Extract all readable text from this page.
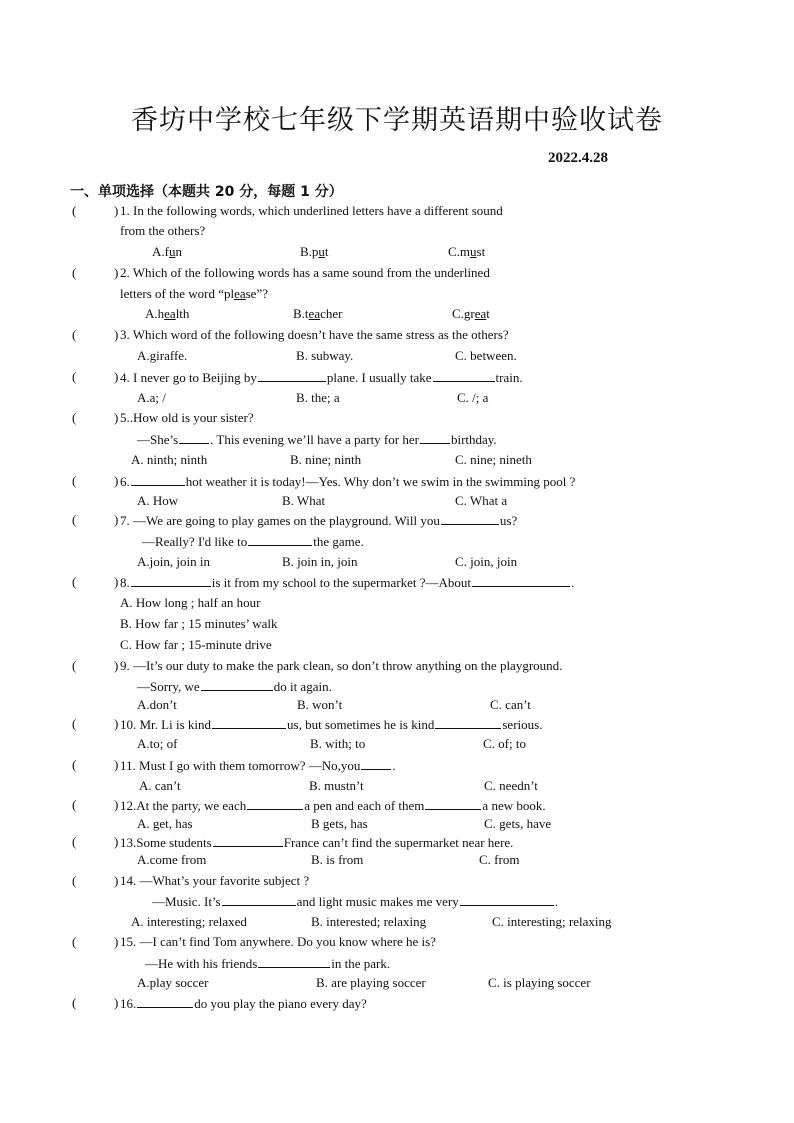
香坊中学校七年级下学期英语期中验收试卷
2022.4.28
一、单项选择（本题共 20 分，每题 1 分）
(	) 1. In the following words, which underlined letters have a different sound
from the others?
A.fun	B.put	C.must
(	) 2. Which of the following words has a same sound from the underlined
letters of the word “please”?
A.health	B.teacher	C.great
(	) 3. Which word of the following doesn’t have the same stress as the others?
A.giraffe.	B. subway.	C. between.
(	) 4. I never go to Beijing by	plane. I usually take	train.
A.a; /	B. the; a	C. /; a
(	) 5..How old is your sister?
—She’s . This evening we’ll have a party for her birthday.
A. ninth; ninth	B. nine; ninth	C. nine; nineth
(	) 6.	hot weather it is today!—Yes. Why don’t we swim in the swimming pool ?
A. How	B. What	C. What a
(	) 7. —We are going to play games on the playground. Will you	us?
—Really? I'd like to	the game.
A.join, join in	B. join in, join	C. join, join
(	) 8.	is it from my school to the supermarket ?—About	.
A. How long ; half an hour
B. How far ; 15 minutes’ walk
C. How far ; 15-minute drive
(	) 9. —It’s our duty to make the park clean, so don’t throw anything on the playground.
—Sorry, we	do it again.
A.don’t	B. won’t	C. can’t
(	) 10. Mr. Li is kind	us, but sometimes he is kind	serious.
A.to; of	B. with; to	C. of; to
(	) 11. Must I go with them tomorrow? —No,you .
A. can’t	B. mustn’t	C. needn’t
(	) 12.At the party, we each	a pen and each of them	a new book.
A. get, has	B gets, has	C. gets, have
(	) 13.Some students	France can’t find the supermarket near here.
A.come from	B. is from	C. from
(	) 14. —What’s your favorite subject ?
—Music. It’s	and light music makes me very	.
A. interesting; relaxed	B. interested; relaxing	C. interesting; relaxing
(	) 15. —I can’t find Tom anywhere. Do you know where he is?
—He with his friends	in the park.
A.play soccer	B. are playing soccer	C. is playing soccer
(	) 16.	do you play the piano every day?
